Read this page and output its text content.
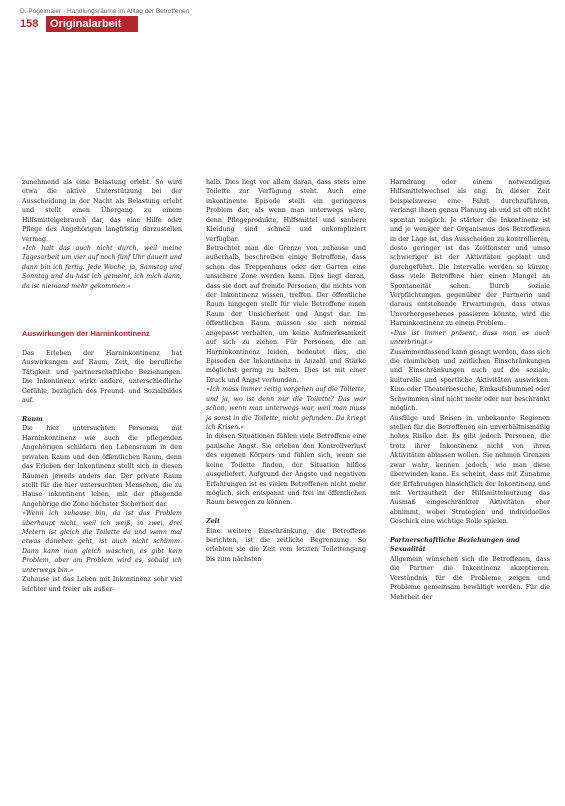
D. Pogelmaier · Handlungsräume im Alltag der Betroffenen
158	Originalarbeit

zunehmend als eine Belastung erlebt. So wird etwa die aktive Unterstützung bei der Ausscheidung in der Nacht als Belastung erlebt und stellt einen Übergang zu einem Hilfsmittelgebrauch dar, das eine Hilfe oder Pflege des Angehörigen langfristig darzustellen vermag.

»Ich halt das auch nicht durch, weil meine Tagesarbeit um vier auf noch fünf Uhr dauert und dann bin ich fertig. Jede Woche, ja, Samstag und Sonntag und du hast ich gemeint, ich mich dann, da ist niemand mehr gekommen.«

Auswirkungen der Harninkontinenz

Das Erleben der Harninkontinenz hat Auswirkungen auf Raum, Zeit, die berufliche Tätigkeit und partnerschaftliche Beziehungen. Die Inkontinenz wirkt andere, unterschiedliche Gefühle, bezüglich des Freund- und Sozialbildes auf.

Raum

Die hier untersuchten Personen mit Harninkontinenz wie auch die pflegenden Angehörigen schildern den Lebensraum in den privaten Raum und den öffentlichen Raum, denn das Erleben der Inkontinenz stellt sich in diesen Räumen jeweils anders dar. Der private Raum stellt für die hier untersuchten Menschen, die zu Hause inkontinent leben, mit der pflegende Angehörige die Zone höchster Sicherheit dar.

»Wenn ich zuhause bin, da ist das Problem überhaupt nicht, weil ich weiß, in zwei, drei Metern ist gleich die Toilette da und wenn mal etwas daneben geht, ist auch nicht schlimm. Dann kann man gleich waschen, es gibt kein Problem, aber am Problem wird es, sobald ich unterwegs bin.«

Zuhause ist das Leben mit Inkontinenz sehr viel leichter und freier als außer-

halb. Dies liegt vor allem daran, dass stets eine Toilette zur Verfügung steht. Auch eine inkontinente Episode stellt ein geringeres Problem dar, als wenn man unterwegs wäre, denn Pflegeprodukte, Hilfsmittel und saubere Kleidung sind schnell und unkompliziert verfügbar.

Betrachtet man die Grenze von zuhause und außerhalb, beschreiben einige Betroffene, dass schon das Treppenhaus oder der Garten eine unsichere Zone werden kann. Dies liegt daran, dass sie dort auf fremde Personen, die nichts von der Inkontinenz wissen, treffen. Der öffentliche Raum hingegen stellt für viele Betroffene einen Raum der Unsicherheit und Angst dar. Im öffentlichen Raum müssen sie sich normal angepasst verhalten, um keine Aufmerksamkeit auf sich zu ziehen. Für Personen, die an Harninkontinenz leiden, bedeutet dies, die Episoden der Inkontinenz in Anzahl und Stärke möglichst gering zu halten. Dies ist mit einer Druck und Angst verbunden.

»Ich muss immer zeitig vorgehen auf die Toilette, und ja, wo ist denn nur die Toilette? Das war schon, wenn man unterwegs war, weil man muss ja sonst in die Toilette, nicht gefunden. Da kriegt ich Krisen.«

In diesen Situationen fühlen viele Betroffene eine panische Angst. Sie erleben den Kontrollverlust des eigenen Körpers und fühlen sich, wenn sie keine Toilette finden, der Situation hilflos ausgeliefert. Aufgrund der Ängste und negativen Erfahrungen ist es vielen Betroffenen nicht mehr möglich, sich entspannt und frei im öffentlichen Raum bewegen zu können.

Zeit

Eine weitere Einschränkung, die Betroffene berichten, ist die zeitliche Begrenzung. So erlebten sie die Zeit vom letzten Toilettengang bis zum nächsten

Harndrang oder einem notwendigen Hilfsmittelwechsel als eng. In dieser Zeit beispielsweise eine Fahrt durchzuführen, verlangt ihnen genau Planung ab und ist oft nicht spontan möglich. Je stärker die Inkontinenz ist und je weniger der Organismus des Betroffenen in der Lage ist, das Ausscheiden zu kontrollieren, desto geringer ist das Zeitfenster und umso schwieriger ist der Aktivitäten geplant und durchgeführt. Die Intervalle werden so kürzer, dass viele Betroffene hier einen Mangel an Spontaneität sehen. Durch soziale Verpflichtungen gegenüber der Partnerin und daraus entstehende Erwartungen, dass etwas Unvorhergesehenes passieren könnte, wird die Harninkontinenz zu einem Problem.

»Das ist immer präsent, dass man es auch unterbringt.«

Zusammenfassend kann gesagt werden, dass sich die räumlichen und zeitlichen Einschränkungen und Einschränkungen auch auf die soziale, kulturelle und sportliche Aktivitäten auswirken. Kino oder Theaterbesuche, Einkaufsbummel oder Schwimmen sind nicht mehr oder nur beschränkt möglich.

Ausflüge und Reisen in unbekannte Regionen stellen für die Betroffenen ein unverhältnismäßig hohes Risiko dar. Es gibt jedoch Personen, die trotz ihrer Inkontinenz nicht von ihren Aktivitäten ablassen wollen. Sie nehmen Grenzen zwar wahr, kennen jedoch, wie man diese überwinden kann. Es scheint, dass mit Zunahme der Erfahrungen hinsichtlich der Inkontinenz und mit Vertrautheit der Hilfsmittelnutzung das Ausmaß eingeschränkter Aktivitäten eher abnimmt, wobei Strategien und individuelles Geschick eine wichtige Rolle spielen.

Partnerschaftliche Beziehungen und Sexualität

Allgemein wünschen sich die Betroffenen, dass die Partner die Inkontinenz akzeptieren. Verständnis für die Probleme zeigen und Probleme gemeinsam bewältigt werden. Für die Mehrheit der
